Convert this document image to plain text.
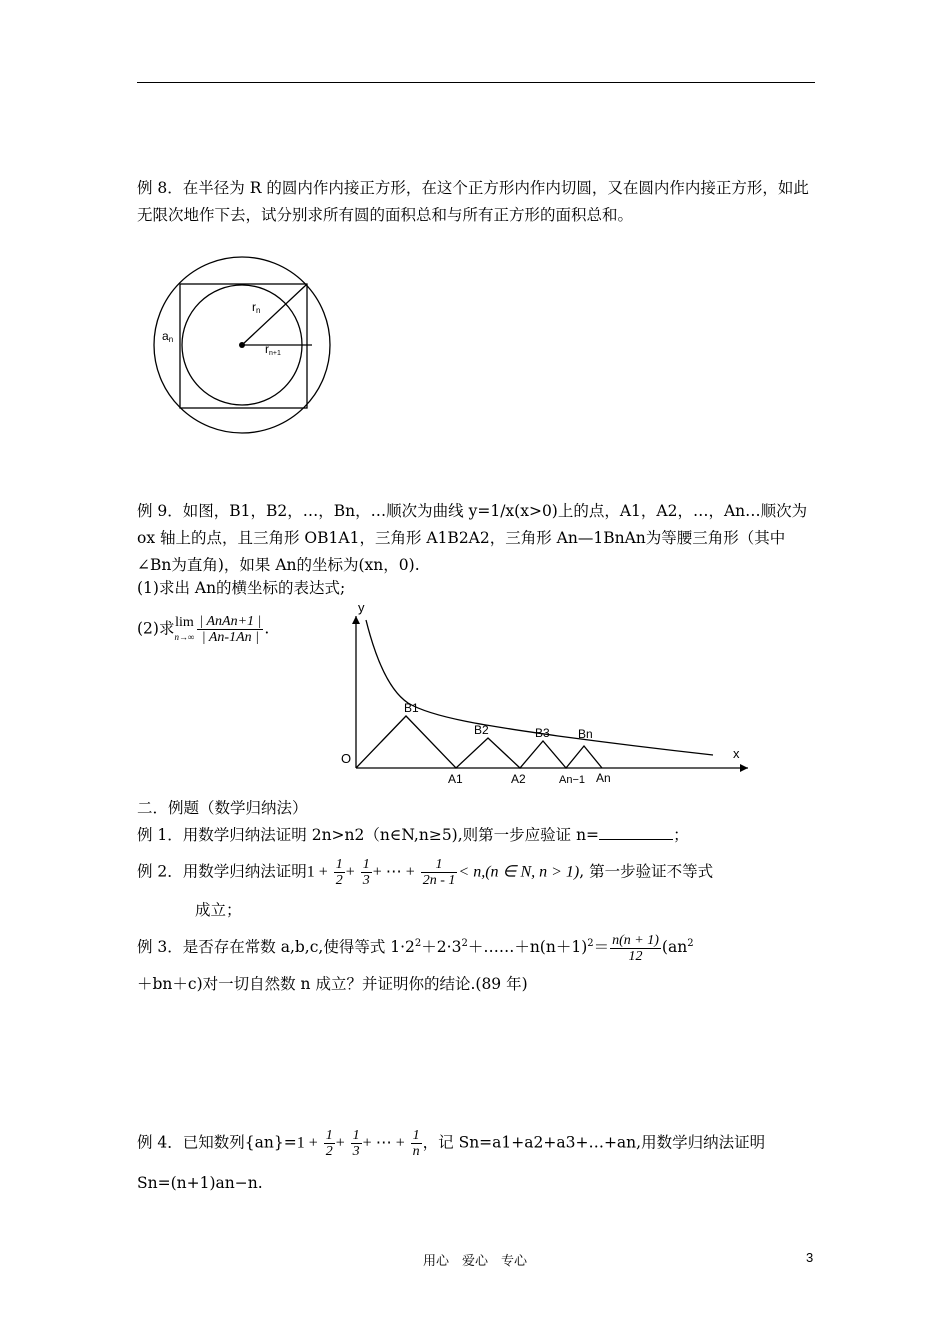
例 8．在半径为 R 的圆内作内接正方形，在这个正方形内作内切圆，又在圆内作内接正方形，如此无限次地作下去，试分别求所有圆的面积总和与所有正方形的面积总和。
rn
rn+1
an
例 9．如图，B1，B2，…，Bn，…顺次为曲线 y=1/x(x>0)上的点，A1，A2，…，An…顺次为 ox 轴上的点，且三角形 OB1A1，三角形 A1B2A2，三角形 An—1BnAn为等腰三角形（其中∠Bn为直角)，如果 An的坐标为(xn，0).
(1)求出 An的横坐标的表达式;
(2)求lim
$n\to\infty \frac{\text{| AnAn+1 |}}{| An-1An |}$ .
y
x
O
B1
B2	B3 Bn
A1	A2	An−1 An
二．例题（数学归纳法）
例 1．用数学归纳法证明 2n>n2（n∈N,n≥5),则第一步应验证 n=	；
例 2．用数学归纳法证明$1 + \frac{1}{2} + \frac{1}{3}$ + ⋯ + $\frac{1}{2n - 1} < n,(n$ ∈ N, n > 1), 第一步验证不等式
成立；
例 3．是否存在常数 a,b,c,使得等式 $1\cdot 2^2+2\cdot 3^2+\dots\dots+n(n+1)^2= \frac{n(n + 1)}{12} (an^2$
＋bn＋c)对一切自然数 n 成立？并证明你的结论.(89 年)
例 4．已知数列$\{an\}=1 + \frac{1}{2} + \frac{1}{3}$ + ⋯ + $\frac{1}{n}$ ，记 Sn=a1+a2+a3+…+an,用数学归纳法证明
Sn=(n+1)an−n.
用心　爱心　专心	3
